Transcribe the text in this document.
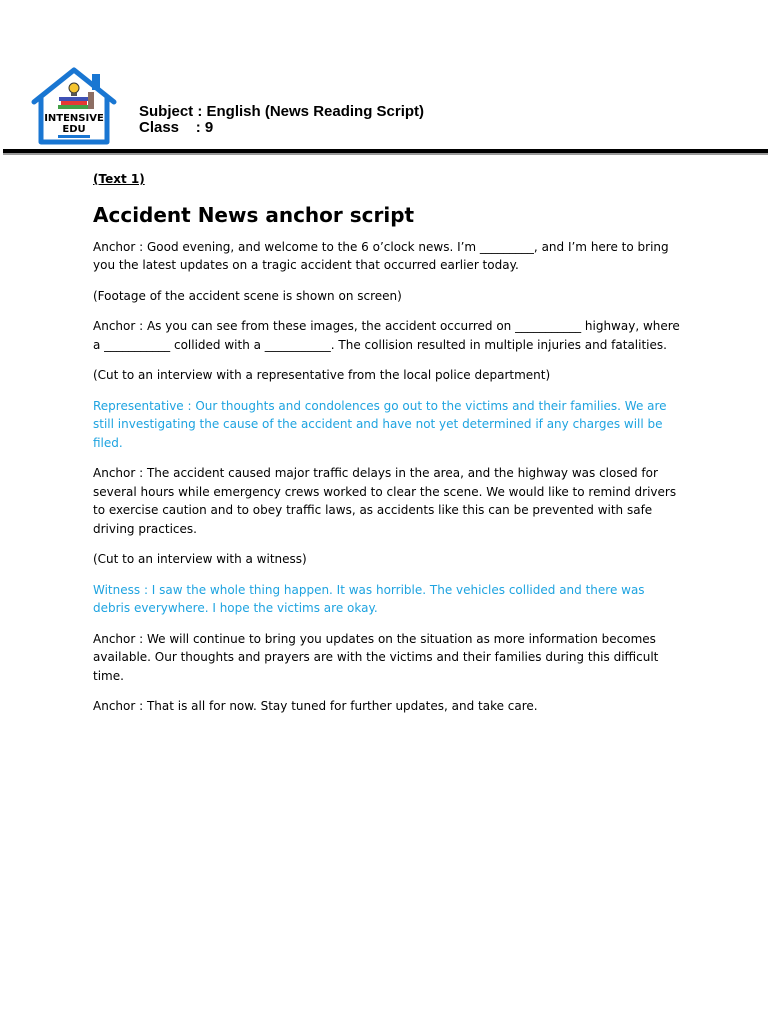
INTENSIVE
EDU
Subject : English (News Reading Script)
Class    : 9
(Text 1)
Accident News anchor script

Anchor : Good evening, and welcome to the 6 o’clock news. I’m _________, and I’m here to bring you the latest updates on a tragic accident that occurred earlier today.

(Footage of the accident scene is shown on screen)

Anchor : As you can see from these images, the accident occurred on ___________ highway, where a ___________ collided with a ___________. The collision resulted in multiple injuries and fatalities.

(Cut to an interview with a representative from the local police department)

Representative : Our thoughts and condolences go out to the victims and their families. We are still investigating the cause of the accident and have not yet determined if any charges will be filed.

Anchor : The accident caused major traffic delays in the area, and the highway was closed for several hours while emergency crews worked to clear the scene. We would like to remind drivers to exercise caution and to obey traffic laws, as accidents like this can be prevented with safe driving practices.

(Cut to an interview with a witness)

Witness : I saw the whole thing happen. It was horrible. The vehicles collided and there was debris everywhere. I hope the victims are okay.

Anchor : We will continue to bring you updates on the situation as more information becomes available. Our thoughts and prayers are with the victims and their families during this difficult time.

Anchor : That is all for now. Stay tuned for further updates, and take care.
